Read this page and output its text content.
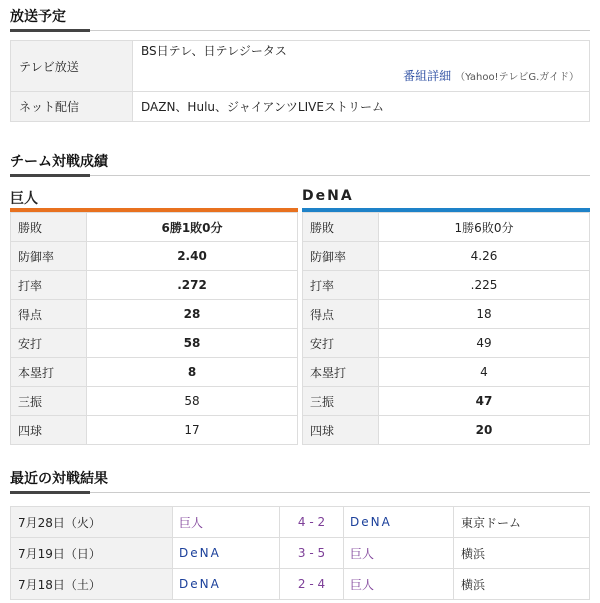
放送予定
テレビ放送	BS日テレ、日テレジータス
番組詳細 （Yahoo!テレビG.ガイド）

ネット配信	DAZN、Hulu、ジャイアンツLIVEストリーム
チーム対戦成績
巨人
勝敗	6勝1敗0分
防御率	2.40
打率	.272
得点	28
安打	58
本塁打	8
三振	58
四球	17
DeNA
勝敗	1勝6敗0分
防御率	4.26
打率	.225
得点	18
安打	49
本塁打	4
三振	47
四球	20
最近の対戦結果
7月28日（火）	巨人	4 - 2	DeNA	東京ドーム
7月19日（日）	DeNA	3 - 5	巨人	横浜
7月18日（土）	DeNA	2 - 4	巨人	横浜
